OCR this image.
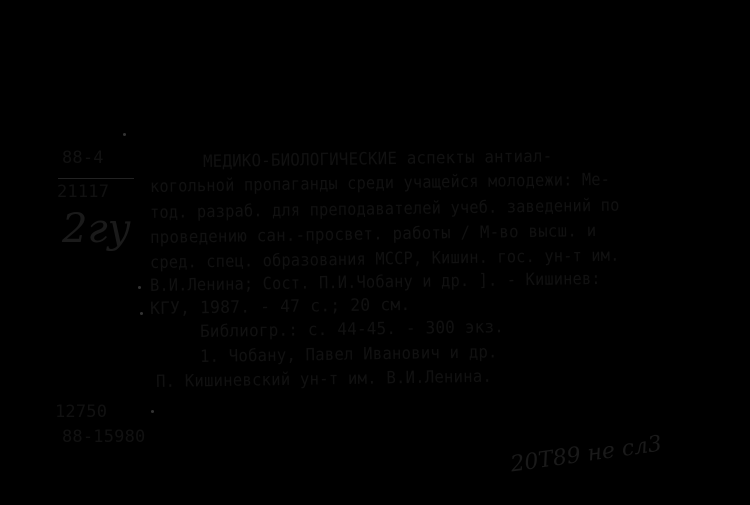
88-4
21117
2гу
МЕДИКО-БИОЛОГИЧЕСКИЕ аспекты антиал-
когольной пропаганды среди учащейся молодежи: Ме-
тод. разраб. для преподавателей учеб. заведений по
проведению сан.-просвет. работы / М-во высш. и
сред. спец. образования МССР, Кишин. гос. ун-т им.
В.И.Ленина; Сост. П.И.Чобану и др. ]. - Кишинев:
КГУ, 1987. - 47 с.; 20 см.
Библиогр.: с. 44-45. - 300 экз.
1. Чобану, Павел Иванович и др.
П. Кишиневский ун-т им. В.И.Ленина.
12750
88-15980	20Т89 не сл3
